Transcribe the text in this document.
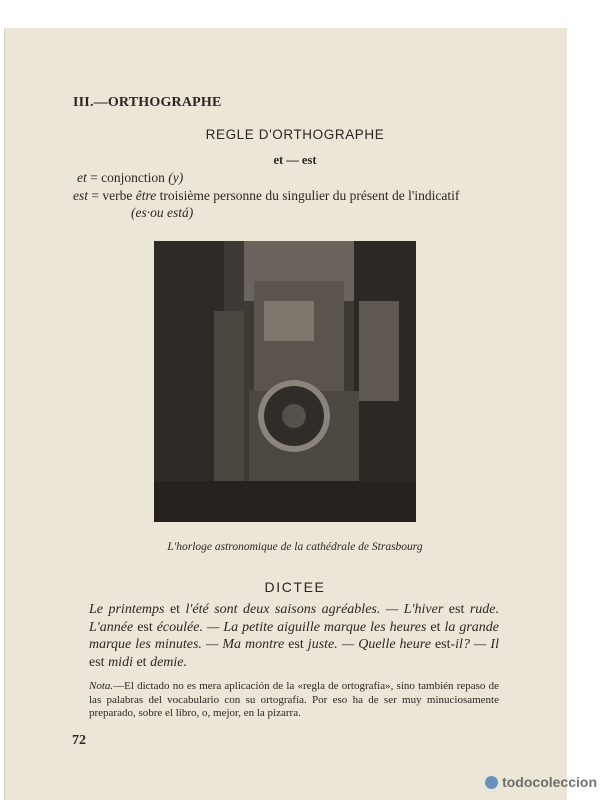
III.—ORTHOGRAPHE
REGLE D'ORTHOGRAPHE
et — est
et = conjonction (y)
est = verbe être troisième personne du singulier du présent de l'indicatif
(es·ou está)
L'horloge astronomique de la cathédrale de Strasbourg
DICTEE
Le printemps et l'été sont deux saisons agréables. — L'hiver est rude. L'année est écoulée. — La petite aiguille marque les heures et la grande marque les minutes. — Ma montre est juste. — Quelle heure est-il? — Il est midi et demie.
Nota.—El dictado no es mera aplicación de la «regla de ortografía», sino también repaso de las palabras del vocabulario con su ortografía. Por eso ha de ser muy minuciosamente preparado, sobre el libro, o, mejor, en la pizarra.
72
todocoleccion
